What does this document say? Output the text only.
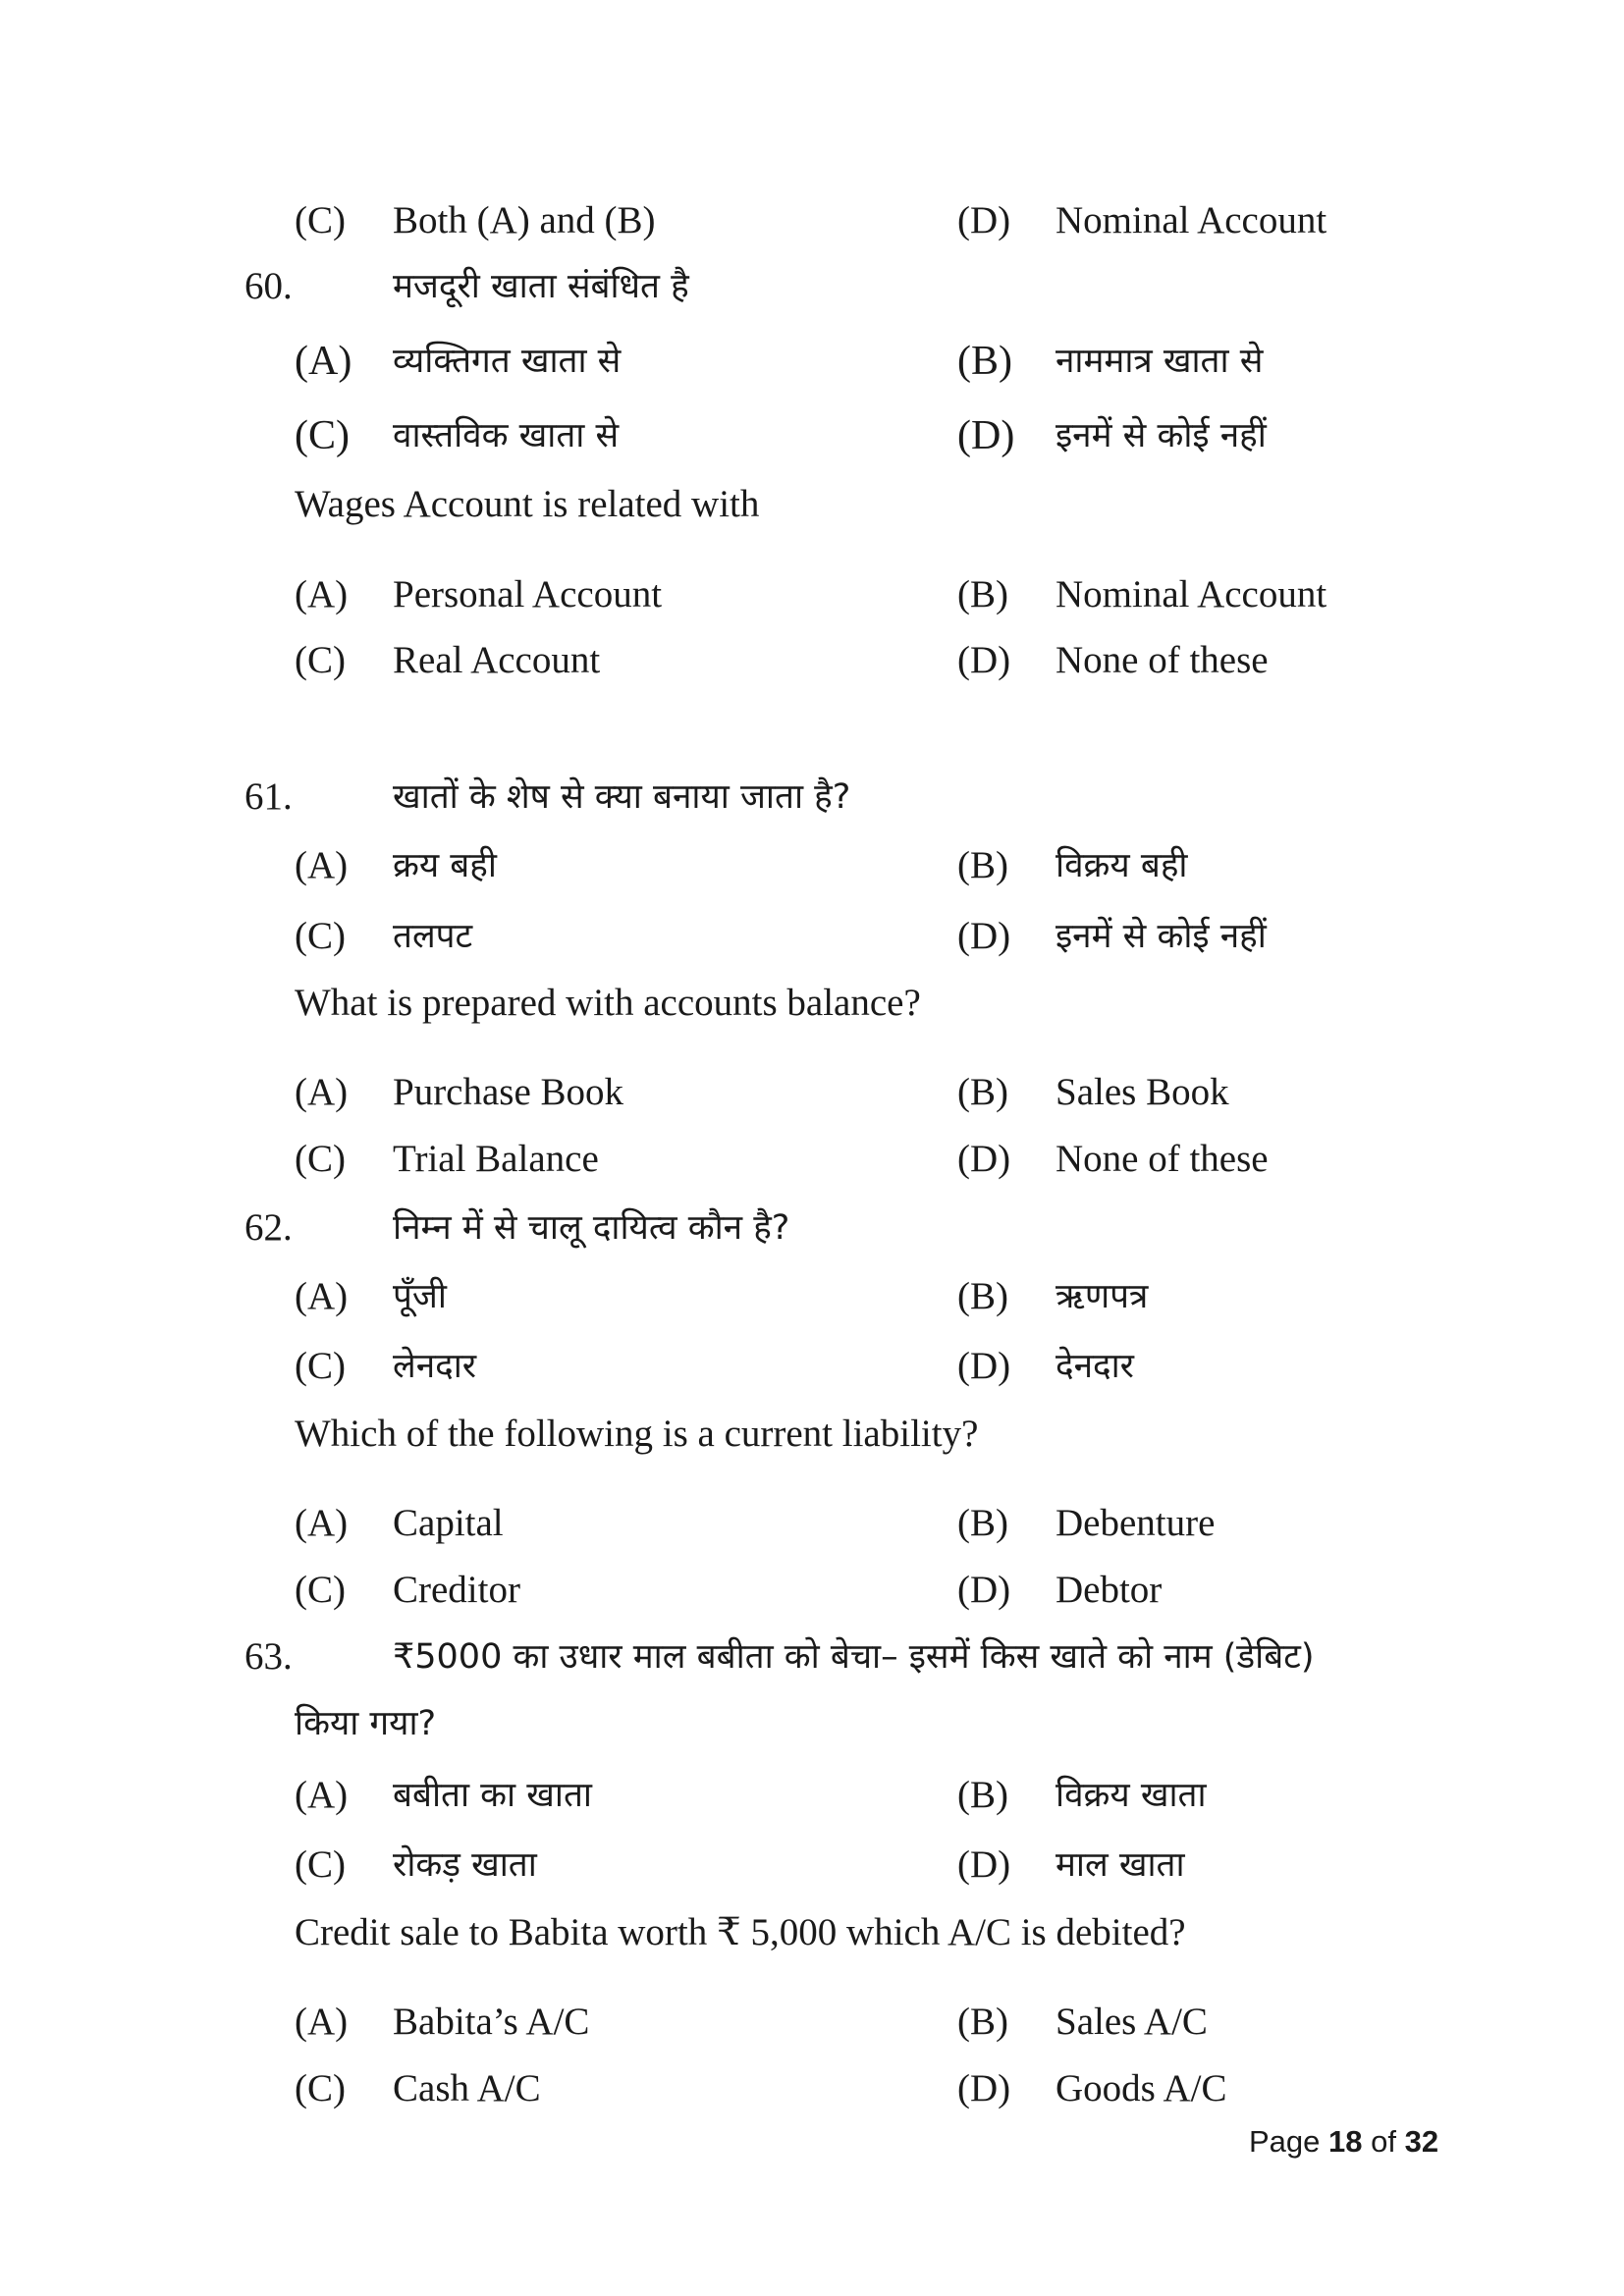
(C) Both (A) and (B)	(D) Nominal Account
60.	मजदूरी खाता संबंधित है
(A) व्यक्तिगत खाता से	(B) नाममात्र खाता से
(C) वास्तविक खाता से	(D) इनमें से कोई नहीं
Wages Account is related with
(A) Personal Account	(B) Nominal Account
(C) Real Account	(D) None of these
61.	खातों के शेष से क्या बनाया जाता है?
(A) क्रय बही	(B) विक्रय बही
(C) तलपट	(D) इनमें से कोई नहीं
What is prepared with accounts balance?
(A) Purchase Book	(B) Sales Book
(C) Trial Balance	(D) None of these
62.	निम्न में से चालू दायित्व कौन है?
(A) पूँजी	(B) ऋणपत्र
(C) लेनदार	(D) देनदार
Which of the following is a current liability?
(A) Capital	(B) Debenture
(C) Creditor	(D) Debtor
63.	₹5000 का उधार माल बबीता को बेचा– इसमें किस खाते को नाम (डेबिट)
किया गया?
(A) बबीता का खाता	(B) विक्रय खाता
(C) रोकड़ खाता	(D) माल खाता
Credit sale to Babita worth ₹ 5,000 which A/C is debited?
(A) Babita’s A/C	(B) Sales A/C
(C) Cash A/C	(D) Goods A/C
Page 18 of 32
